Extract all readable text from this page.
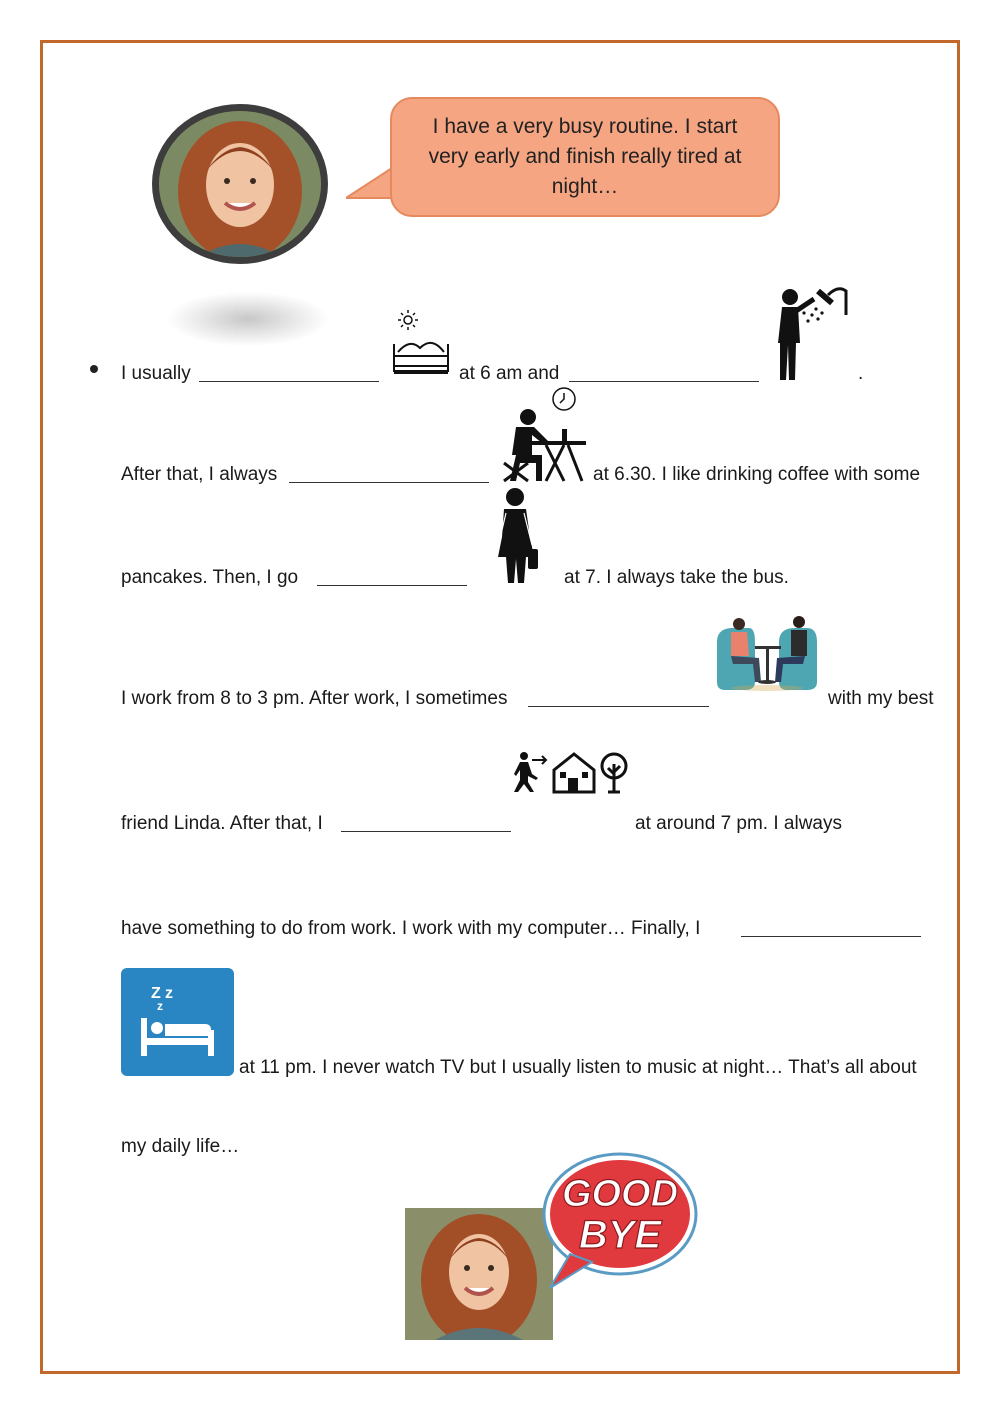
I have a very busy routine. I start very early and finish really tired at night…
I usually	at 6 am and	.
After that, I always	at 6.30. I like drinking coffee with some
pancakes. Then, I go	at 7. I always take the bus.
I work from 8 to 3 pm. After work, I sometimes	with my best
friend Linda. After that, I	at around 7 pm. I always
have something to do from work. I work with my computer… Finally, I
Z z
z
at 11 pm. I never watch TV but I usually listen to music at night… That’s all about
my daily life…
GOOD
BYE
